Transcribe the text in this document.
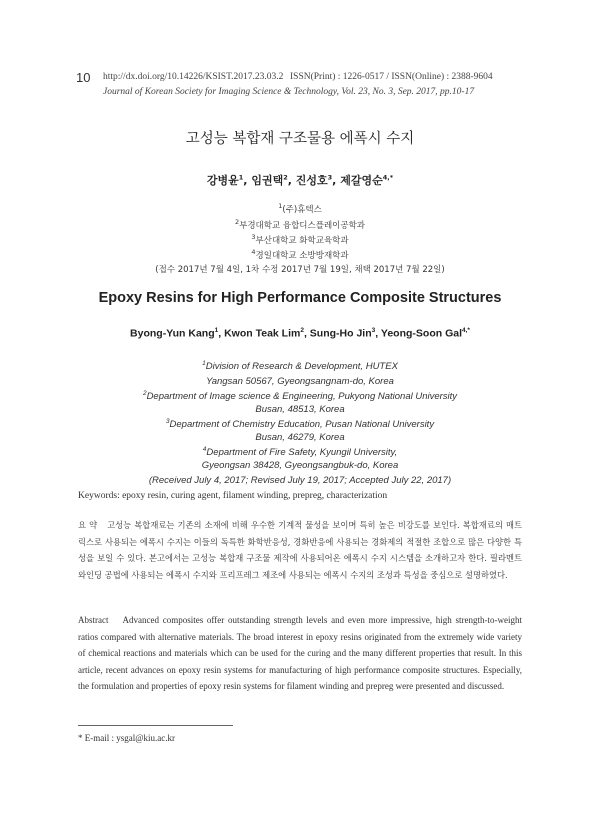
10 http://dx.doi.org/10.14226/KSIST.2017.23.03.2 ISSN(Print) : 1226-0517 / ISSN(Online) : 2388-9604
Journal of Korean Society for Imaging Science & Technology, Vol. 23, No. 3, Sep. 2017, pp.10-17
고성능 복합재 구조물용 에폭시 수지
강병윤$^1$, 임권택$^2$, 진성호$^3$, 제갈영순$^{4,*}$
$^1$(주)휴텍스
$^2$부경대학교 융합디스플레이공학과
$^3$부산대학교 화학교육학과
$^4$경일대학교 소방방재학과
(접수 2017년 7월 4일, 1차 수정 2017년 7월 19일, 채택 2017년 7월 22일)
Epoxy Resins for High Performance Composite Structures
Byong-Yun Kang$^1$, Kwon Teak Lim$^2$, Sung-Ho Jin$^3$, Yeong-Soon Gal$^{4,*}$
$^1$Division of Research & Development, HUTEX
Yangsan 50567, Gyeongsangnam-do, Korea
$^2$Department of Image science & Engineering, Pukyong National University
Busan, 48513, Korea
$^3$Department of Chemistry Education, Pusan National University
Busan, 46279, Korea
$^4$Department of Fire Safety, Kyungil University,
Gyeongsan 38428, Gyeongsangbuk-do, Korea
(Received July 4, 2017; Revised July 19, 2017; Accepted July 22, 2017)
Keywords: epoxy resin, curing agent, filament winding, prepreg, characterization
요 약 고성능 복합재료는 기존의 소재에 비해 우수한 기계적 물성을 보이며 특히 높은 비강도를 보인다. 복합재료의 매트릭스로 사용되는 에폭시 수지는 이들의 독특한 화학반응성, 경화반응에 사용되는 경화제의 적절한 조합으로 많은 다양한 특성을 보일 수 있다. 본고에서는 고성능 복합재 구조물 제작에 사용되어온 에폭시 수지 시스템을 소개하고자 한다. 필라멘트 와인딩 공법에 사용되는 에폭시 수지와 프리프레그 제조에 사용되는 에폭시 수지의 조성과 특성을 중심으로 설명하였다.
Abstract Advanced composites offer outstanding strength levels and even more impressive, high strength-to-weight ratios compared with alternative materials. The broad interest in epoxy resins originated from the extremely wide variety of chemical reactions and materials which can be used for the curing and the many different properties that result. In this article, recent advances on epoxy resin systems for manufacturing of high performance composite structures. Especially, the formulation and properties of epoxy resin systems for filament winding and prepreg were presented and discussed.
* E-mail : ysgal@kiu.ac.kr
